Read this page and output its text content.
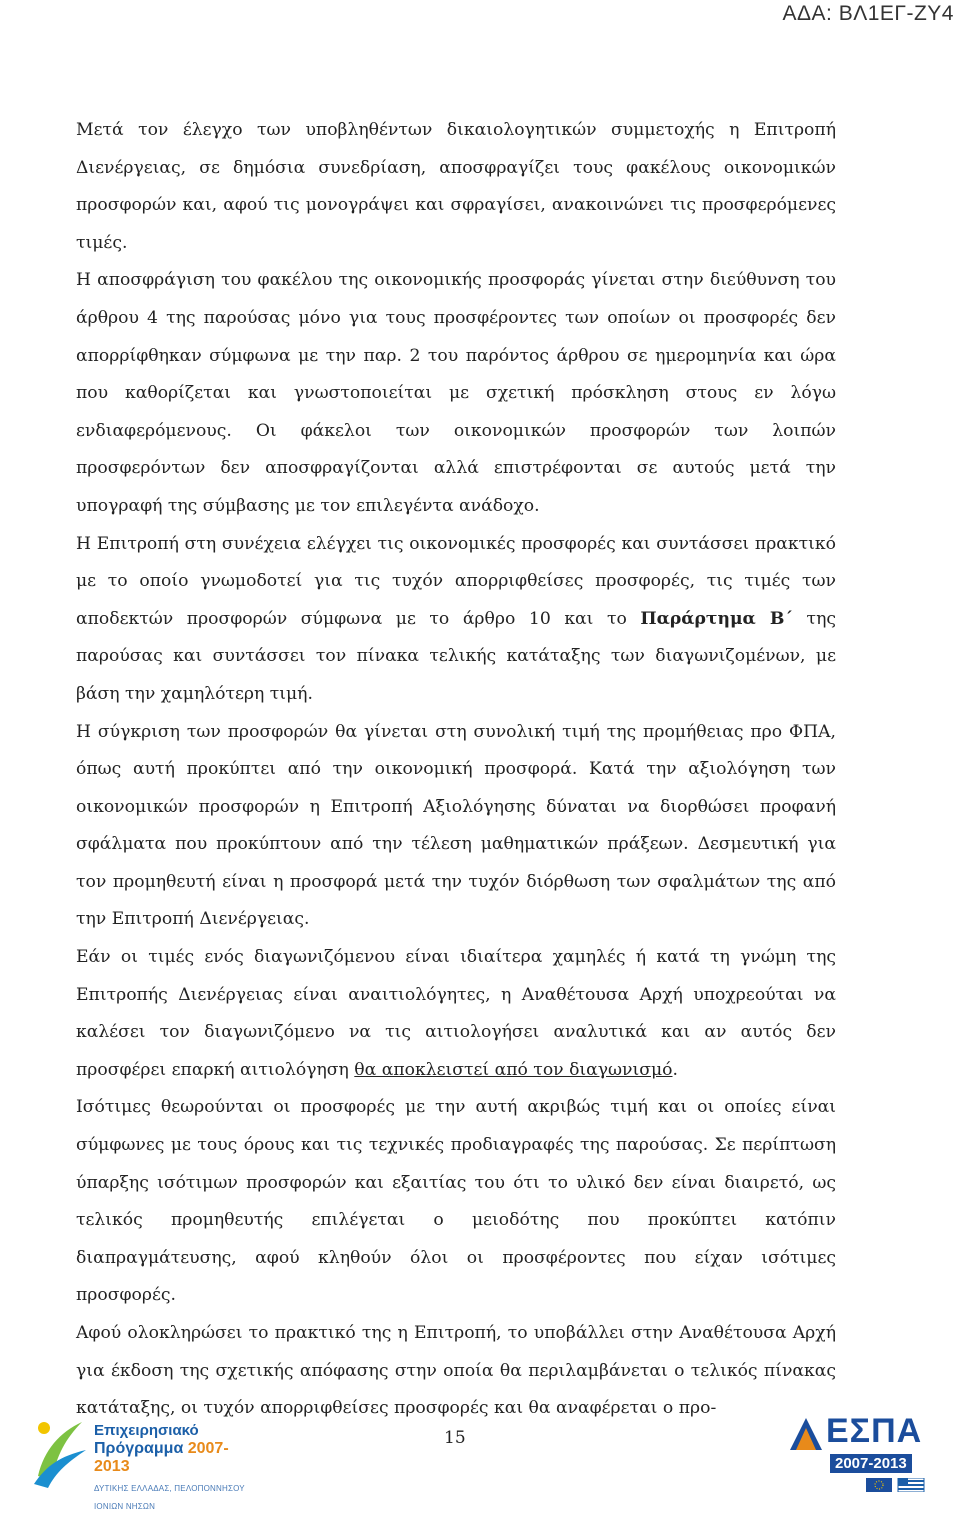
ΑΔΑ: ΒΛ1ΕΓ-ΖΥ4

Μετά τον έλεγχο των υποβληθέντων δικαιολογητικών συμμετοχής η Επιτροπή Διενέργειας, σε δημόσια συνεδρίαση, αποσφραγίζει τους φακέλους οικονομικών προσφορών και, αφού τις μονογράψει και σφραγίσει, ανακοινώνει τις προσφερόμενες τιμές.

Η αποσφράγιση του φακέλου της οικονομικής προσφοράς γίνεται στην διεύθυνση του άρθρου 4 της παρούσας μόνο για τους προσφέροντες των οποίων οι προσφορές δεν απορρίφθηκαν σύμφωνα με την παρ. 2 του παρόντος άρθρου σε ημερομηνία και ώρα που καθορίζεται και γνωστοποιείται με σχετική πρόσκληση στους εν λόγω ενδιαφερόμενους. Οι φάκελοι των οικονομικών προσφορών των λοιπών προσφερόντων δεν αποσφραγίζονται αλλά επιστρέφονται σε αυτούς μετά την υπογραφή της σύμβασης με τον επιλεγέντα ανάδοχο.

Η Επιτροπή στη συνέχεια ελέγχει τις οικονομικές προσφορές και συντάσσει πρακτικό με το οποίο γνωμοδοτεί για τις τυχόν απορριφθείσες προσφορές, τις τιμές των αποδεκτών προσφορών σύμφωνα με το άρθρο 10 και το Παράρτημα Β΄ της παρούσας και συντάσσει τον πίνακα τελικής κατάταξης των διαγωνιζομένων, με βάση την χαμηλότερη τιμή.

Η σύγκριση των προσφορών θα γίνεται στη συνολική τιμή της προμήθειας προ ΦΠΑ, όπως αυτή προκύπτει από την οικονομική προσφορά. Κατά την αξιολόγηση των οικονομικών προσφορών η Επιτροπή Αξιολόγησης δύναται να διορθώσει προφανή σφάλματα που προκύπτουν από την τέλεση μαθηματικών πράξεων. Δεσμευτική για τον προμηθευτή είναι η προσφορά μετά την τυχόν διόρθωση των σφαλμάτων της από την Επιτροπή Διενέργειας.

Εάν οι τιμές ενός διαγωνιζόμενου είναι ιδιαίτερα χαμηλές ή κατά τη γνώμη της Επιτροπής Διενέργειας είναι αναιτιολόγητες, η Αναθέτουσα Αρχή υποχρεούται να καλέσει τον διαγωνιζόμενο να τις αιτιολογήσει αναλυτικά και αν αυτός δεν προσφέρει επαρκή αιτιολόγηση θα αποκλειστεί από τον διαγωνισμό.

Ισότιμες θεωρούνται οι προσφορές με την αυτή ακριβώς τιμή και οι οποίες είναι σύμφωνες με τους όρους και τις τεχνικές προδιαγραφές της παρούσας. Σε περίπτωση ύπαρξης ισότιμων προσφορών και εξαιτίας του ότι το υλικό δεν είναι διαιρετό, ως τελικός προμηθευτής επιλέγεται ο μειοδότης που προκύπτει κατόπιν διαπραγμάτευσης, αφού κληθούν όλοι οι προσφέροντες που είχαν ισότιμες προσφορές.

Αφού ολοκληρώσει το πρακτικό της η Επιτροπή, το υποβάλλει στην Αναθέτουσα Αρχή για έκδοση της σχετικής απόφασης στην οποία θα περιλαμβάνεται ο τελικός πίνακας κατάταξης, οι τυχόν απορριφθείσες προσφορές και θα αναφέρεται ο προ-

Επιχειρησιακό
Πρόγραμμα 2007-2013
ΔΥΤΙΚΗΣ ΕΛΛΑΔΑΣ, ΠΕΛΟΠΟΝΝΗΣΟΥ ΙΟΝΙΩΝ ΝΗΣΩΝ
15	ΕΣΠΑ
2007-2013
